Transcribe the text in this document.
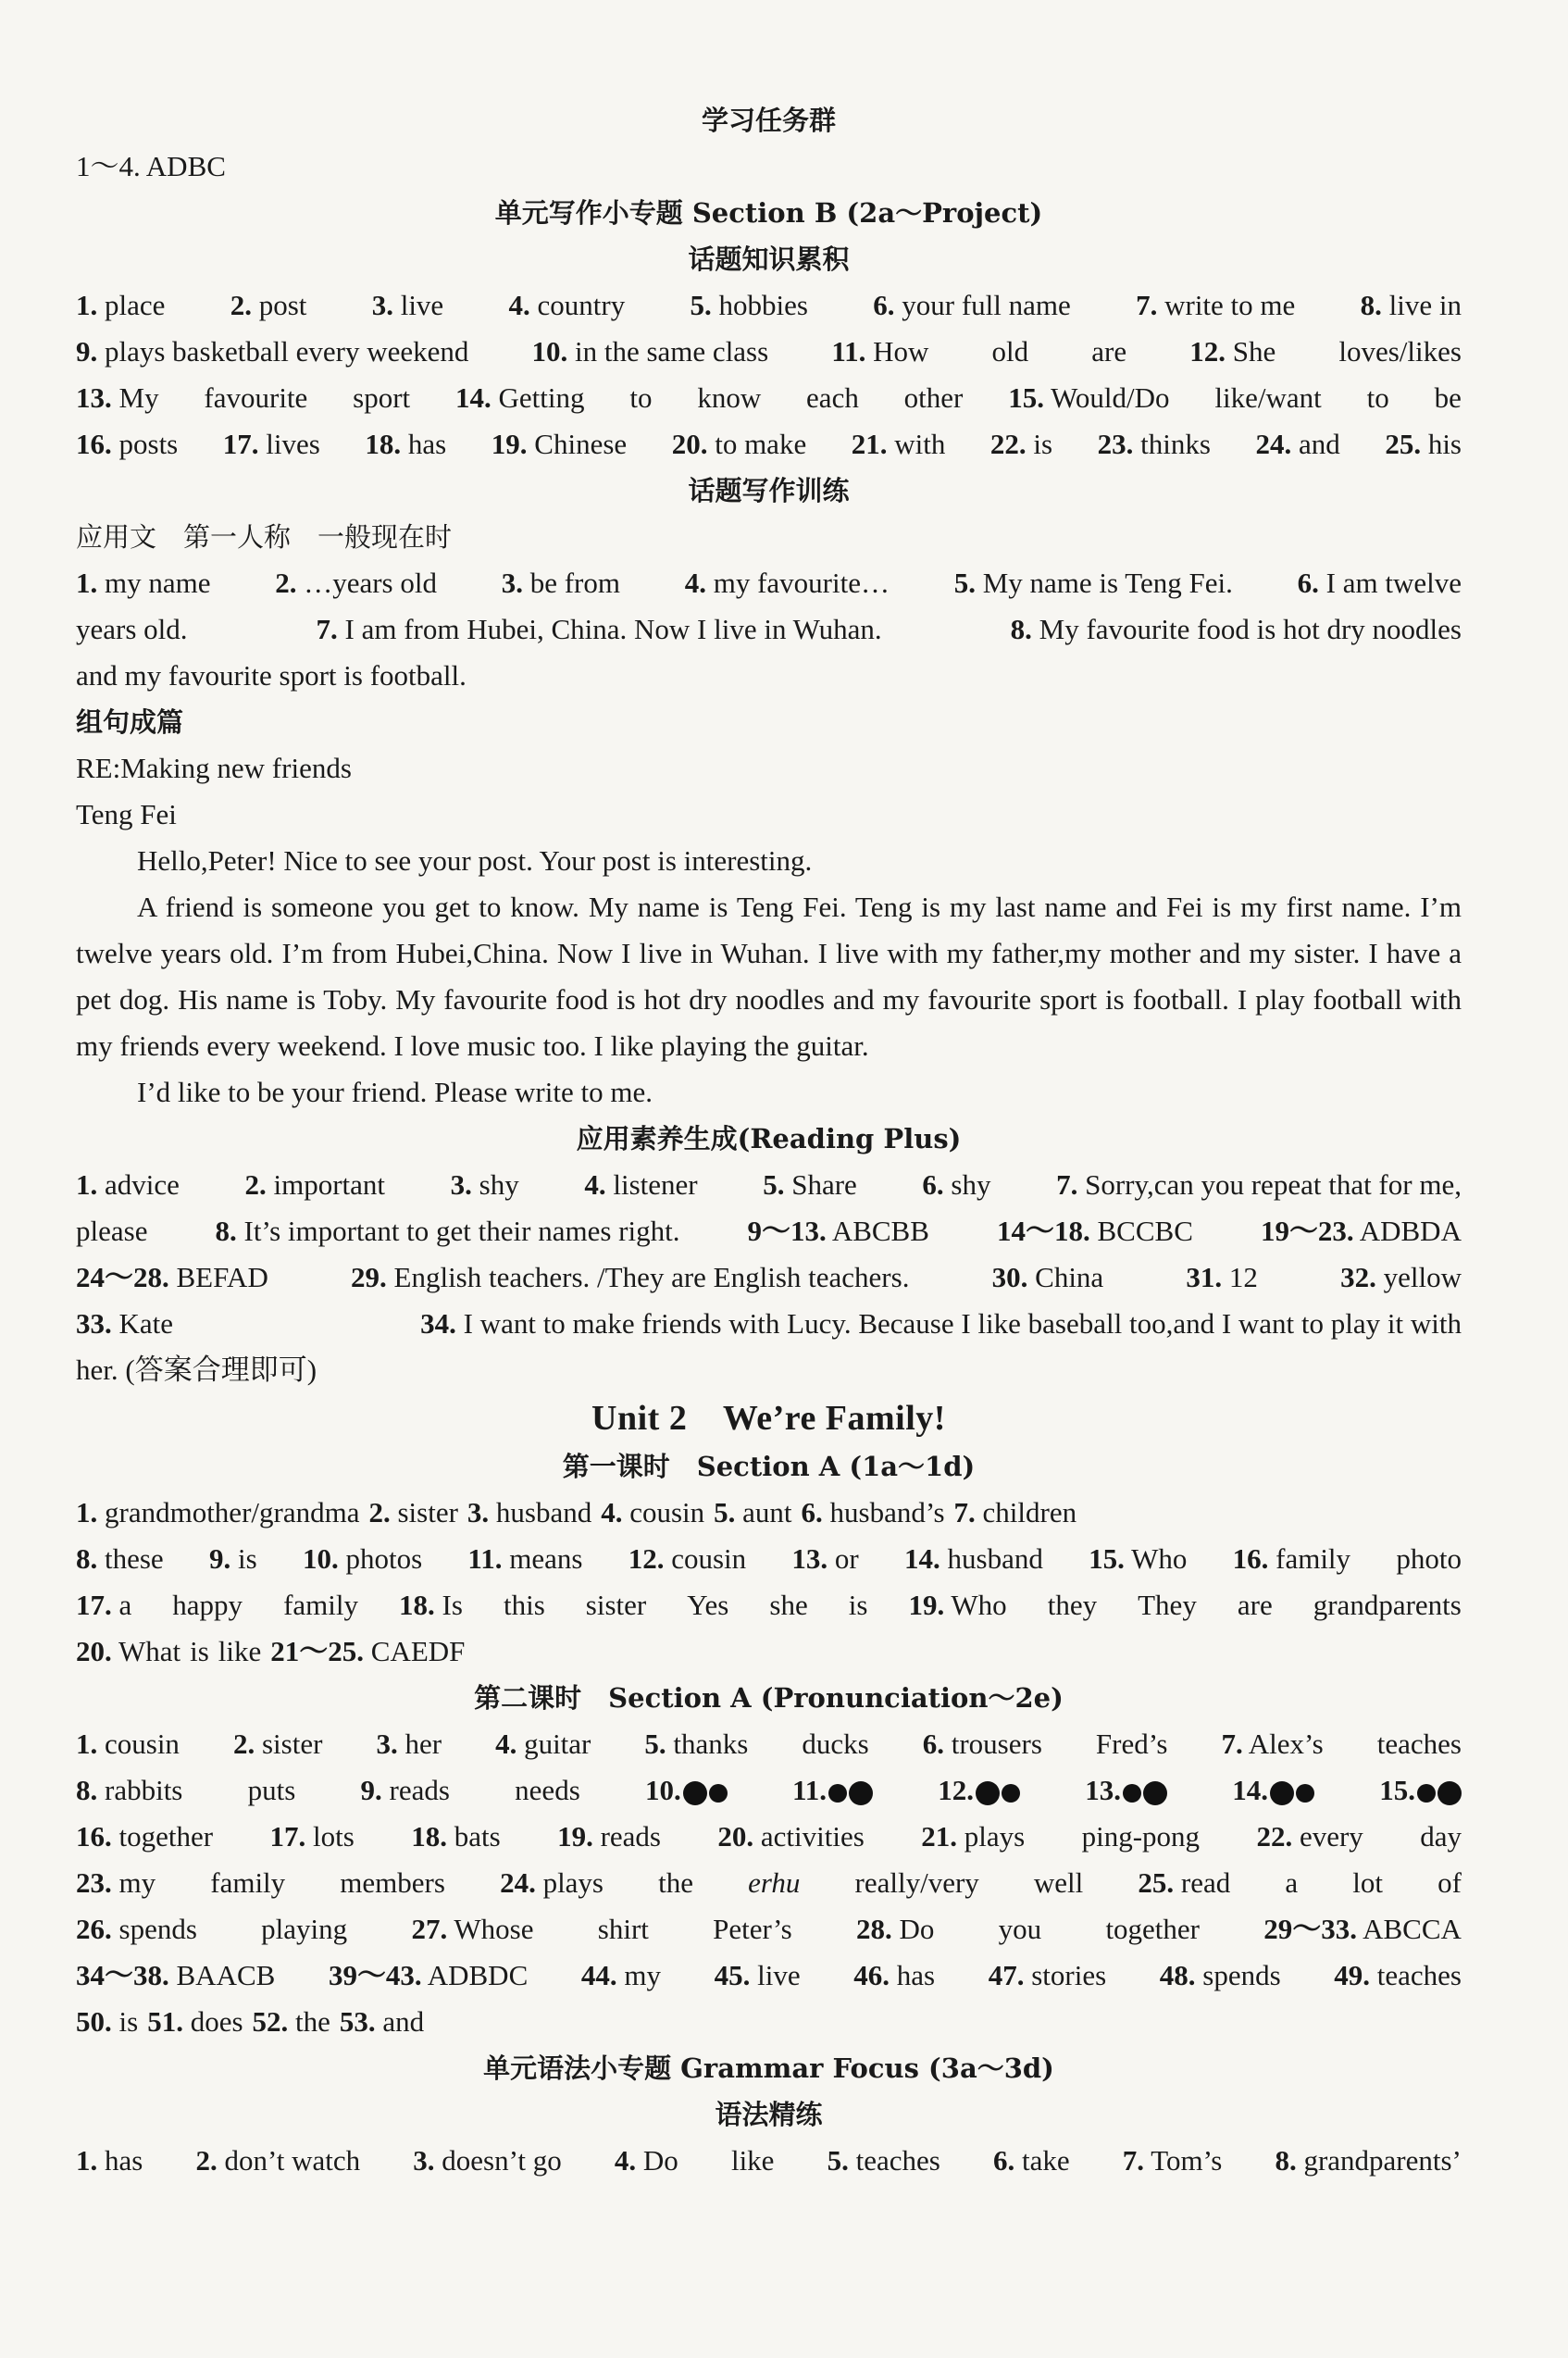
学习任务群
1～4. ADBC
单元写作小专题 Section B (2a～Project)
话题知识累积
1. place 2. post 3. live 4. country 5. hobbies 6. your full name 7. write to me 8. live in
9. plays basketball every weekend 10. in the same class 11. How old are 12. She loves/likes
13. My favourite sport 14. Getting to know each other 15. Would/Do like/want to be
16. posts 17. lives 18. has 19. Chinese 20. to make 21. with 22. is 23. thinks 24. and 25. his
话题写作训练
应用文　第一人称　一般现在时
1. my name 2. …years old 3. be from 4. my favourite… 5. My name is Teng Fei. 6. I am twelve
years old.	7. I am from Hubei, China. Now I live in Wuhan.	8. My favourite food is hot dry noodles
and my favourite sport is football.
组句成篇
RE:Making new friends
Teng Fei
Hello,Peter! Nice to see your post. Your post is interesting.
A friend is someone you get to know. My name is Teng Fei. Teng is my last name and Fei is my first name. I’m twelve years old. I’m from Hubei,China. Now I live in Wuhan. I live with my father,my mother and my sister. I have a pet dog. His name is Toby. My favourite food is hot dry noodles and my favourite sport is football. I play football with my friends every weekend. I love music too. I like playing the guitar.
I’d like to be your friend. Please write to me.
应用素养生成(Reading Plus)
1. advice 2. important 3. shy 4. listener 5. Share 6. shy 7. Sorry,can you repeat that for me,
please 8. It’s important to get their names right. 9～13. ABCBB 14～18. BCCBC 19～23. ADBDA
24～28. BEFAD	29. English teachers. /They are English teachers.	30. China	31. 12	32. yellow
33. Kate	34. I want to make friends with Lucy. Because I like baseball too,and I want to play it with
her. (答案合理即可)
Unit 2　We’re Family!
第一课时　Section A (1a～1d)
1. grandmother/grandma 2. sister 3. husband 4. cousin 5. aunt 6. husband’s 7. children
8. these 9. is 10. photos 11. means 12. cousin 13. or 14. husband 15. Who 16. family photo
17. a happy family 18. Is this sister Yes she is 19. Who they They are grandparents
20. What is like 21～25. CAEDF
第二课时　Section A (Pronunciation～2e)
1. cousin 2. sister 3. her 4. guitar 5. thanks ducks 6. trousers Fred’s 7. Alex’s teaches
8. rabbits puts 9. reads needs 10.	11.	12.	13.	14.	15.
16. together 17. lots 18. bats 19. reads 20. activities 21. plays ping-pong 22. every day
23. my family members 24. plays the erhu really/very well 25. read a lot of
26. spends playing 27. Whose shirt Peter’s 28. Do you together 29～33. ABCCA
34～38. BAACB 39～43. ADBDC 44. my 45. live 46. has 47. stories 48. spends 49. teaches
50. is 51. does 52. the 53. and
单元语法小专题 Grammar Focus (3a～3d)
语法精练
1. has 2. don’t watch 3. doesn’t go 4. Do like 5. teaches 6. take 7. Tom’s 8. grandparents’
